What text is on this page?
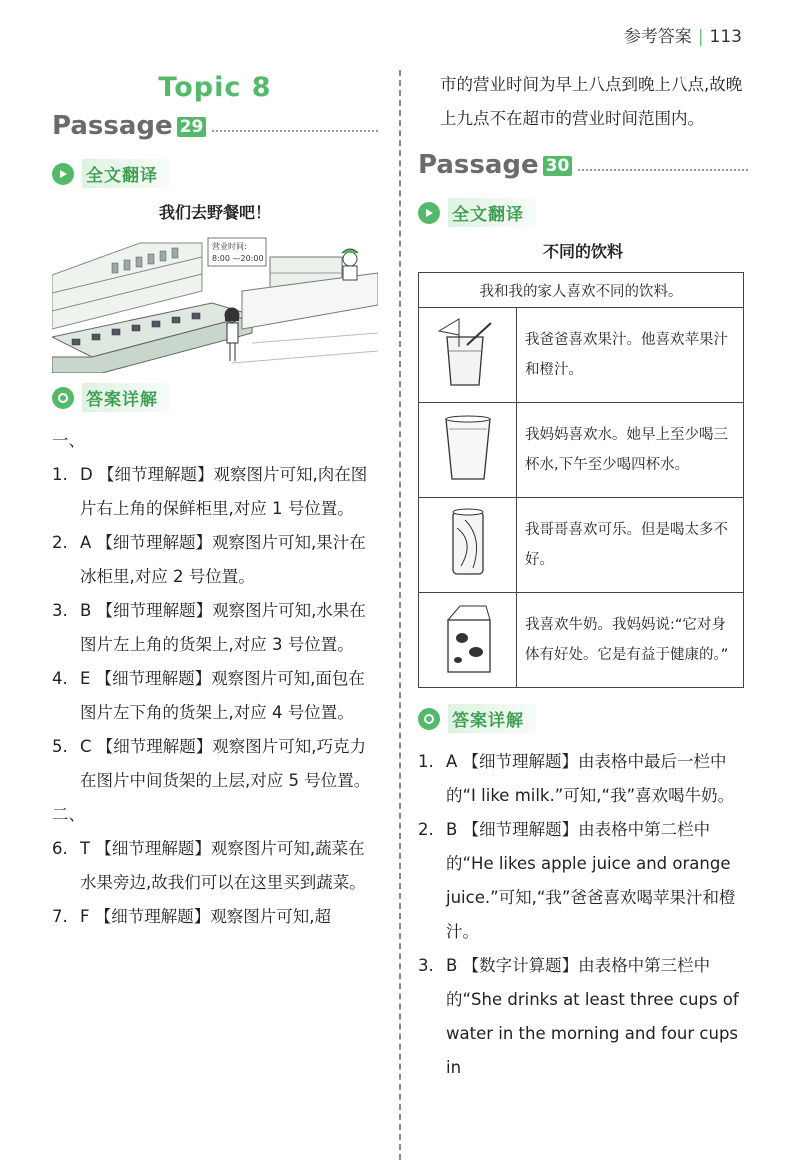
参考答案 | 113
Topic 8
Passage 29
全文翻译
我们去野餐吧！
营业时间:
8:00 —20:00
答案详解
一、
1. D 【细节理解题】观察图片可知,肉在图片右上角的保鲜柜里,对应 1 号位置。
2. A 【细节理解题】观察图片可知,果汁在冰柜里,对应 2 号位置。
3. B 【细节理解题】观察图片可知,水果在图片左上角的货架上,对应 3 号位置。
4. E 【细节理解题】观察图片可知,面包在图片左下角的货架上,对应 4 号位置。
5. C 【细节理解题】观察图片可知,巧克力在图片中间货架的上层,对应 5 号位置。
二、
6. T 【细节理解题】观察图片可知,蔬菜在水果旁边,故我们可以在这里买到蔬菜。
7. F 【细节理解题】观察图片可知,超
市的营业时间为早上八点到晚上八点,故晚上九点不在超市的营业时间范围内。
Passage 30
全文翻译
不同的饮料
我和我的家人喜欢不同的饮料。	
	我爸爸喜欢果汁。他喜欢苹果汁和橙汁。
	我妈妈喜欢水。她早上至少喝三杯水,下午至少喝四杯水。
	我哥哥喜欢可乐。但是喝太多不好。
	我喜欢牛奶。我妈妈说:“它对身体有好处。它是有益于健康的。”
答案详解
1. A 【细节理解题】由表格中最后一栏中的“I like milk.”可知,“我”喜欢喝牛奶。
2. B 【细节理解题】由表格中第二栏中的“He likes apple juice and orange juice.”可知,“我”爸爸喜欢喝苹果汁和橙汁。
3. B 【数字计算题】由表格中第三栏中的“She drinks at least three cups of water in the morning and four cups in
